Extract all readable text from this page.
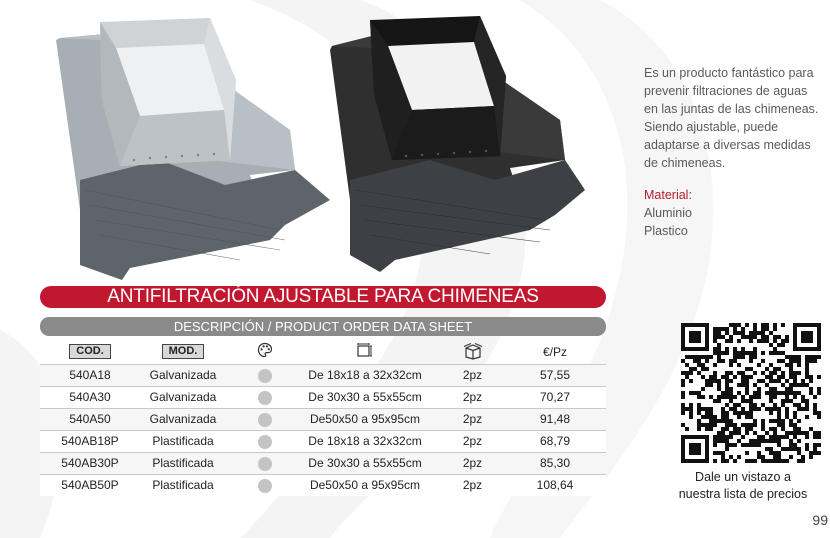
Es un producto fantástico para prevenir filtraciones de aguas en las juntas de las chimeneas. Siendo ajustable, puede adaptarse a diversas medidas de chimeneas.

Material:

Aluminio

Plastico

ANTIFILTRACIÓN AJUSTABLE PARA CHIMENEAS
DESCRIPCIÓN / PRODUCT ORDER DATA SHEET
COD.	MOD.	€/Pz
540A18	Galvanizada	De 18x18 a 32x32cm	2pz	57,55
540A30	Galvanizada	De 30x30 a 55x55cm	2pz	70,27
540A50	Galvanizada	De50x50 a 95x95cm	2pz	91,48
540AB18P	Plastificada	De 18x18 a 32x32cm	2pz	68,79
540AB30P	Plastificada	De 30x30 a 55x55cm	2pz	85,30
540AB50P	Plastificada	De50x50 a 95x95cm	2pz	108,64
Dale un vistazo a
nuestra lista de precios
99
